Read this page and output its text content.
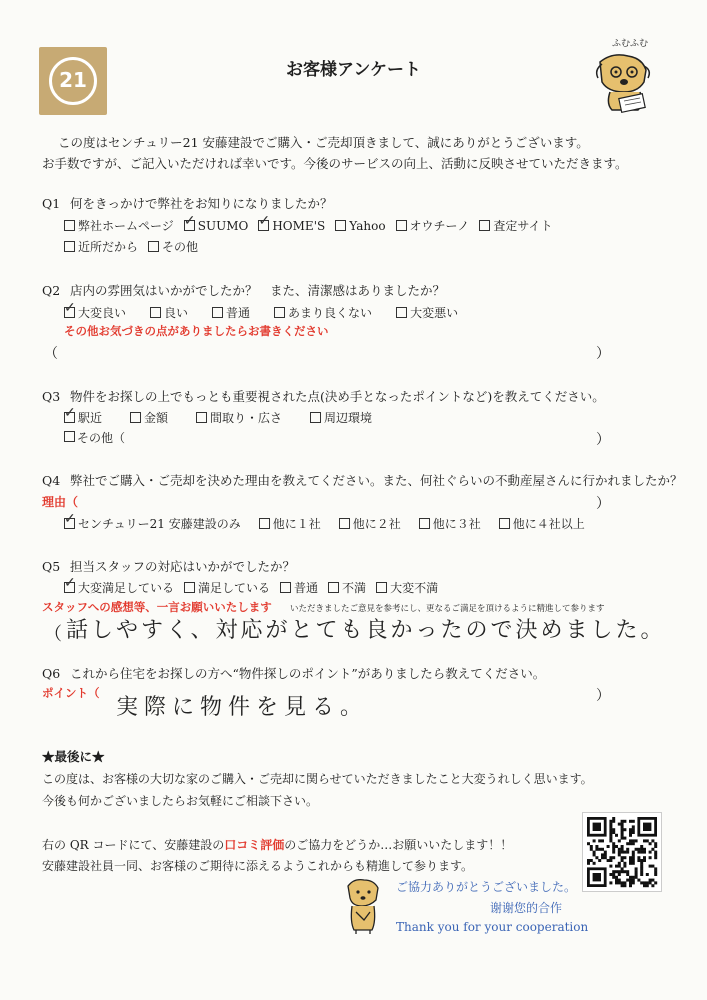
21	お客様アンケート
ふむふむ
この度はセンチュリー21 安藤建設でご購入・ご売却頂きまして、誠にありがとうございます。
お手数ですが、ご記入いただければ幸いです。今後のサービスの向上、活動に反映させていただきます。
Q1 何をきっかけで弊社をお知りになりましたか？
弊社ホームページ ✓ SUUMO ✓ HOME'S Yahoo オウチーノ 査定サイト
近所だから その他
Q2 店内の雰囲気はいかがでしたか？　また、清潔感はありましたか？
✓
大変良い	良い	普通	あまり良くない	大変悪い
その他お気づきの点がありましたらお書きください
（	）
Q3 物件をお探しの上でもっとも重要視された点(決め手となったポイントなど)を教えてください。
✓
駅近	金額	間取り・広さ	周辺環境
その他（	）
Q4 弊社でご購入・ご売却を決めた理由を教えてください。また、何社ぐらいの不動産屋さんに行かれましたか？
理由（	）
✓
センチュリー21 安藤建設のみ	他に１社	他に２社	他に３社	他に４社以上
Q5 担当スタッフの対応はいかがでしたか？
✓
大変満足している 満足している 普通 不満 大変不満
スタッフへの感想等、一言お願いいたします いただきましたご意見を参考にし、更なるご満足を頂けるように精進して参ります
（ 話しやすく、対応がとても良かったので決めました。
Q6 これから住宅をお探しの方へ“物件探しのポイント”がありましたら教えてください。
ポイント（
実際に物件を見る。	）
★最後に★
この度は、お客様の大切な家のご購入・ご売却に関らせていただきましたこと大変うれしく思います。
今後も何かございましたらお気軽にご相談下さい。
右の QR コードにて、安藤建設の口コミ評価のご協力をどうか…お願いいたします！！
安藤建設社員一同、お客様のご期待に添えるようこれからも精進して参ります。
ご協力ありがとうございました。
谢谢您的合作
Thank you for your cooperation
